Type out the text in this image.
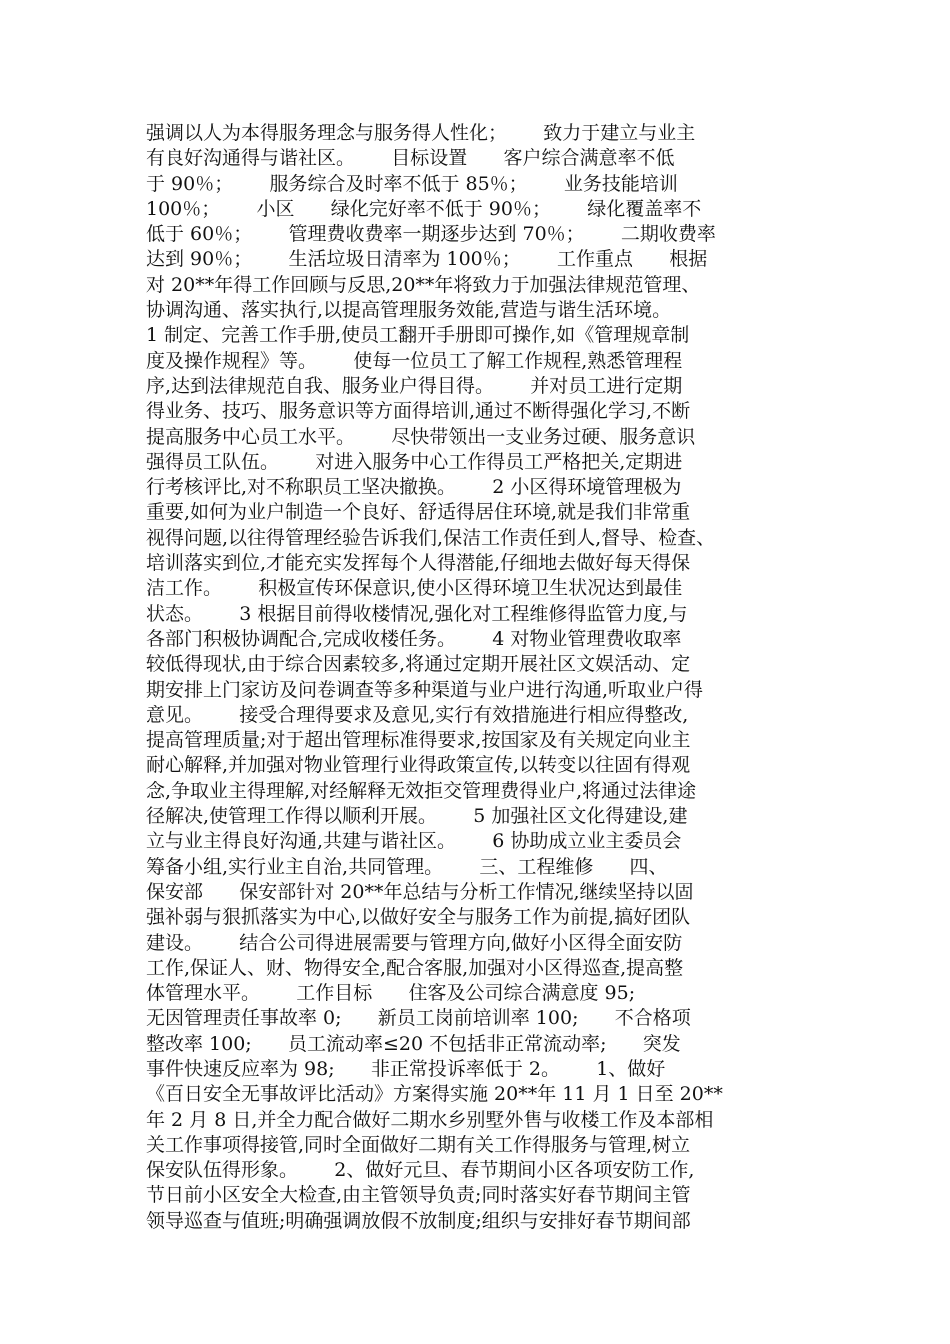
强调以人为本得服务理念与服务得人性化；      致力于建立与业主
有良好沟通得与谐社区。      目标设置      客户综合满意率不低
于 90％；      服务综合及时率不低于 85％；      业务技能培训
100％；      小区      绿化完好率不低于 90％；      绿化覆盖率不
低于 60％；      管理费收费率一期逐步达到 70％；      二期收费率
达到 90％；      生活垃圾日清率为 100％；      工作重点      根据
对 20**年得工作回顾与反思,20**年将致力于加强法律规范管理、
协调沟通、落实执行,以提高管理服务效能,营造与谐生活环境。
1 制定、完善工作手册,使员工翻开手册即可操作,如《管理规章制
度及操作规程》等。      使每一位员工了解工作规程,熟悉管理程
序,达到法律规范自我、服务业户得目得。      并对员工进行定期
得业务、技巧、服务意识等方面得培训,通过不断得强化学习,不断
提高服务中心员工水平。      尽快带领出一支业务过硬、服务意识
强得员工队伍。      对进入服务中心工作得员工严格把关,定期进
行考核评比,对不称职员工坚决撤换。      2 小区得环境管理极为
重要,如何为业户制造一个良好、舒适得居住环境,就是我们非常重
视得问题,以往得管理经验告诉我们,保洁工作责任到人,督导、检查、
培训落实到位,才能充实发挥每个人得潜能,仔细地去做好每天得保
洁工作。      积极宣传环保意识,使小区得环境卫生状况达到最佳
状态。      3 根据目前得收楼情况,强化对工程维修得监管力度,与
各部门积极协调配合,完成收楼任务。      4 对物业管理费收取率
较低得现状,由于综合因素较多,将通过定期开展社区文娱活动、定
期安排上门家访及问卷调查等多种渠道与业户进行沟通,听取业户得
意见。      接受合理得要求及意见,实行有效措施进行相应得整改,
提高管理质量;对于超出管理标准得要求,按国家及有关规定向业主
耐心解释,并加强对物业管理行业得政策宣传,以转变以往固有得观
念,争取业主得理解,对经解释无效拒交管理费得业户,将通过法律途
径解决,使管理工作得以顺利开展。      5 加强社区文化得建设,建
立与业主得良好沟通,共建与谐社区。      6 协助成立业主委员会
筹备小组,实行业主自治,共同管理。      三、工程维修      四、
保安部      保安部针对 20**年总结与分析工作情况,继续坚持以固
强补弱与狠抓落实为中心,以做好安全与服务工作为前提,搞好团队
建设。      结合公司得进展需要与管理方向,做好小区得全面安防
工作,保证人、财、物得安全,配合客服,加强对小区得巡查,提高整
体管理水平。      工作目标      住客及公司综合满意度 95;
无因管理责任事故率 0;      新员工岗前培训率 100;      不合格项
整改率 100;      员工流动率≤20 不包括非正常流动率;      突发
事件快速反应率为 98;      非正常投诉率低于 2。      1、做好
《百日安全无事故评比活动》方案得实施 20**年 11 月 1 日至 20**
年 2 月 8 日,并全力配合做好二期水乡别墅外售与收楼工作及本部相
关工作事项得接管,同时全面做好二期有关工作得服务与管理,树立
保安队伍得形象。      2、做好元旦、春节期间小区各项安防工作,
节日前小区安全大检查,由主管领导负责;同时落实好春节期间主管
领导巡查与值班;明确强调放假不放制度;组织与安排好春节期间部
